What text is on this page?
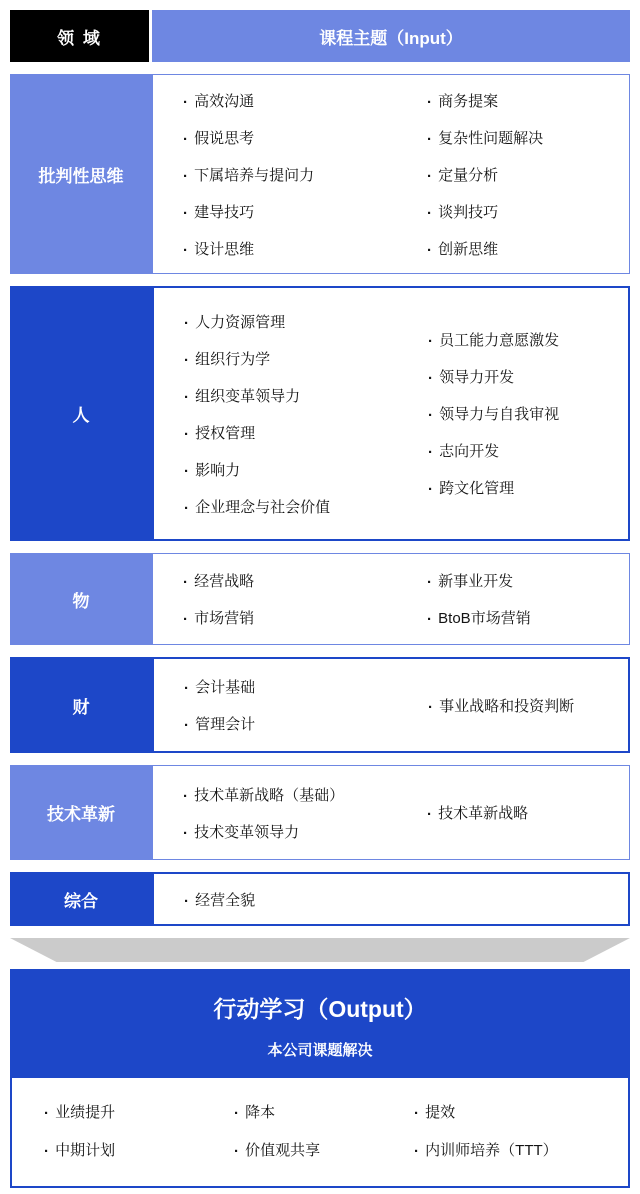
领 域	课程主题（Input）
批判性思维
. 高效沟通
. 假说思考
. 下属培养与提问力
. 建导技巧
. 设计思维
. 商务提案
. 复杂性问题解决
. 定量分析
. 谈判技巧
. 创新思维
人
. 人力资源管理
. 组织行为学
. 组织变革领导力
. 授权管理
. 影响力
. 企业理念与社会价值
. 员工能力意愿激发
. 领导力开发
. 领导力与自我审视
. 志向开发
. 跨文化管理
物
. 经营战略
. 市场营销
. 新事业开发
. BtoB市场营销
财
. 会计基础
. 管理会计
. 事业战略和投资判断
技术革新
. 技术革新战略（基础）
. 技术变革领导力
. 技术革新战略
综合	. 经营全貌
行动学习（Output）
本公司课题解决
. 业绩提升
. 中期计划
. 降本
. 价值观共享
. 提效
. 内训师培养（TTT）
